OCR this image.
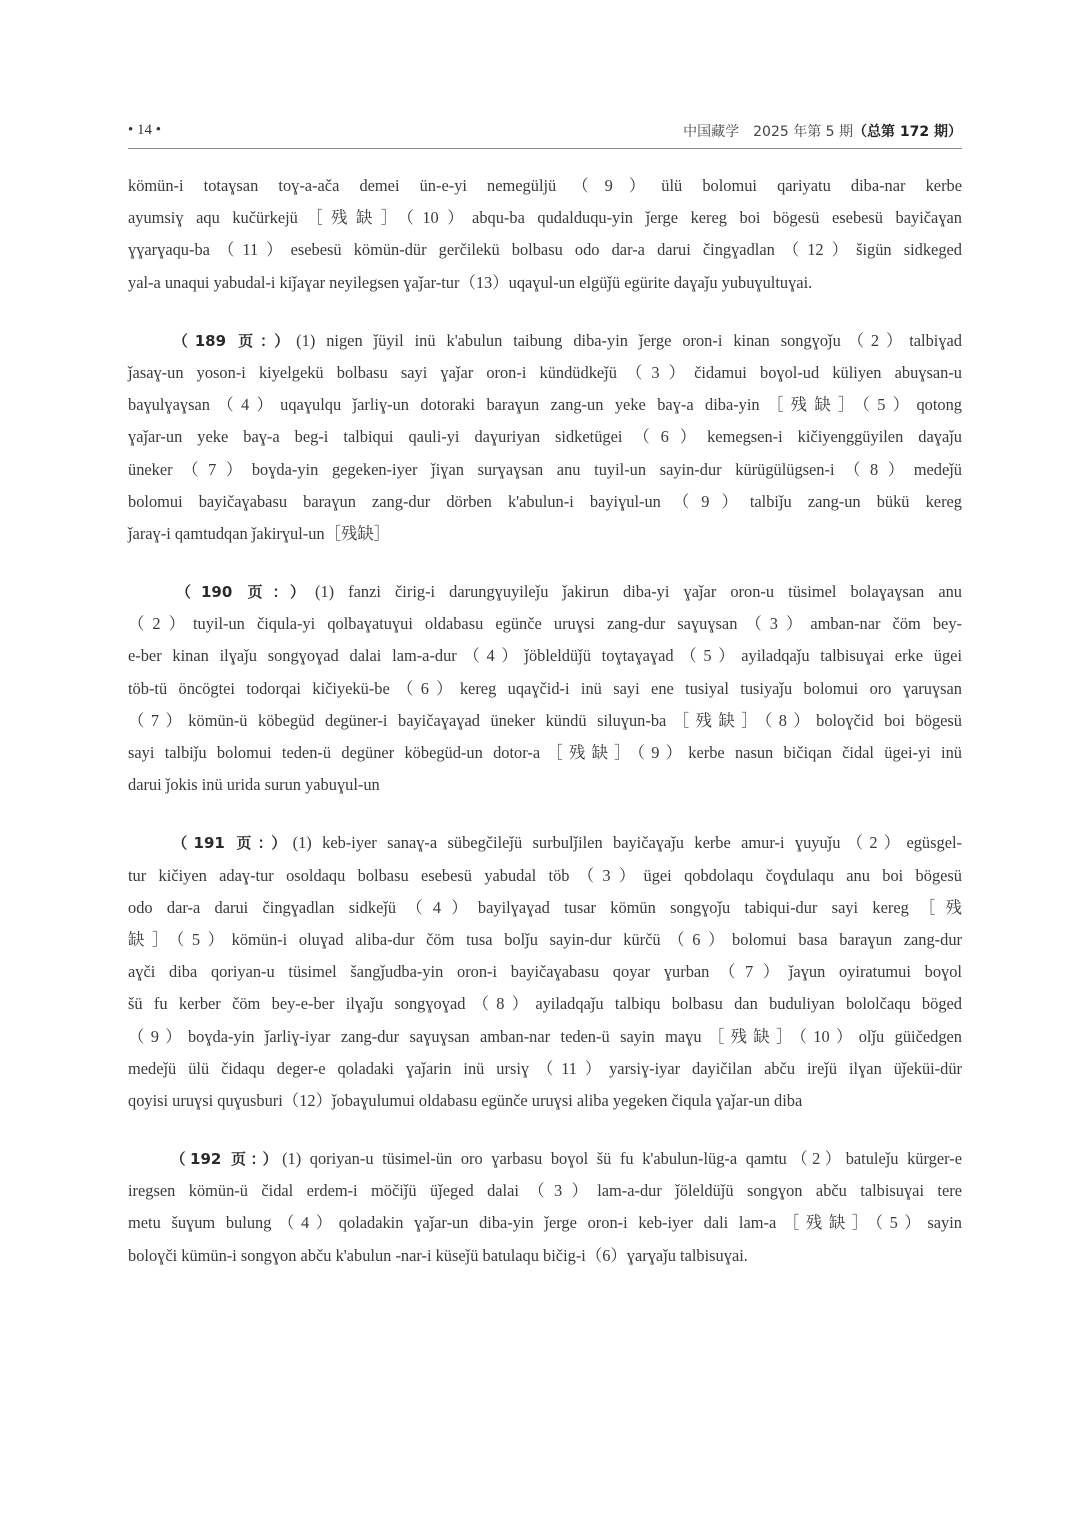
• 14 •	中国藏学　2025 年第 5 期（总第 172 期）
kömün-i totaɣsan toɣ-a-ača demei ün-e-yi nemegüljü（9）ülü bolomui qariyatu diba-nar kerbe
ayumsiɣ aqu kučürkejü［残缺］（10）abqu-ba qudalduqu-yin ǰerge kereg boi bögesü esebesü bayičaɣan
ɣɣarɣaqu-ba（11）esebesü kömün-dür gerčilekü bolbasu odo dar-a darui čingɣadlan（12）šigün sidkeged
yal-a unaqui yabudal-i kiǰaɣar neyilegsen ɣaǰar-tur（13）uqaɣul-un elgüǰü egürite daɣaǰu yubuɣultuɣai.
（189 页：）(1) nigen ǰüyil inü k'abulun taibung diba-yin ǰerge oron-i kinan songɣoǰu（2）talbiɣad
ǰasaɣ-un yoson-i kiyelgekü bolbasu sayi ɣaǰar oron-i kündüdkeǰü（3）čidamui boɣol-ud küliyen abuɣsan-u
baɣulɣaɣsan（4）uqaɣulqu ǰarliɣ-un dotoraki baraɣun zang-un yeke baɣ-a diba-yin［残缺］（5）qotong
ɣaǰar-un yeke baɣ-a beg-i talbiqui qauli-yi daɣuriyan sidketügei（6）kemegsen-i kičiyenggüyilen daɣaǰu
üneker（7）boɣda-yin gegeken-iyer ǰiɣan surɣaɣsan anu tuyil-un sayin-dur kürügülügsen-i（8）medeǰü
bolomui bayičaɣabasu baraɣun zang-dur dörben k'abulun-i bayiɣul-un（9）talbiǰu zang-un bükü kereg
ǰaraɣ-i qamtudqan ǰakirɣul-un［残缺］
（190 页：）(1) fanzi čirig-i darungɣuyileǰu ǰakirun diba-yi ɣaǰar oron-u tüsimel bolaɣaɣsan anu
（2）tuyil-un čiqula-yi qolbaɣatuɣui oldabasu egünče uruɣsi zang-dur saɣuɣsan（3）amban-nar čöm bey-
e-ber kinan ilɣaǰu songɣoɣad dalai lam-a-dur（4）ǰöbleldüǰü toɣtaɣaɣad（5）ayiladqaǰu talbisuɣai erke ügei
töb-tü öncögtei todorqai kičiyekü-be（6）kereg uqaɣčid-i inü sayi ene tusiyal tusiyaǰu bolomui oro ɣaruɣsan
（7）kömün-ü köbegüd degüner-i bayičaɣaɣad üneker kündü siluɣun-ba［残缺］（8）boloɣčid boi bögesü
sayi talbiǰu bolomui teden-ü degüner köbegüd-un dotor-a［残缺］（9）kerbe nasun bičiqan čidal ügei-yi inü
darui ǰokis inü urida surun yabuɣul-un
（191 页：）(1) keb-iyer sanaɣ-a sübegčileǰü surbulǰilen bayičaɣaǰu kerbe amur-i ɣuyuǰu（2）egüsgel-
tur kičiyen adaɣ-tur osoldaqu bolbasu esebesü yabudal töb（3）ügei qobdolaqu čoɣdulaqu anu boi bögesü
odo dar-a darui čingɣadlan sidkeǰü（4）bayilɣaɣad tusar kömün songɣoǰu tabiqui-dur sayi kereg［残
缺］（5）kömün-i oluɣad aliba-dur čöm tusa bolǰu sayin-dur kürčü（6）bolomui basa baraɣun zang-dur
aɣči diba qoriyan-u tüsimel šangǰudba-yin oron-i bayičaɣabasu qoyar ɣurban（7）ǰaɣun oyiratumui boɣol
šü fu kerber čöm bey-e-ber ilɣaǰu songɣoɣad（8）ayiladqaǰu talbiqu bolbasu dan buduliyan bololčaqu böged
（9）boɣda-yin ǰarliɣ-iyar zang-dur saɣuɣsan amban-nar teden-ü sayin maɣu［残缺］（10）olǰu güičedgen
medeǰü ülü čidaqu deger-e qoladaki ɣaǰarin inü ursiɣ（11）yarsiɣ-iyar dayičilan abču ireǰü ilɣan üǰeküi-dür
qoyisi uruɣsi quɣusburi（12）ǰobaɣulumui oldabasu egünče uruɣsi aliba yegeken čiqula ɣaǰar-un diba
（192 页：）(1) qoriyan-u tüsimel-ün oro ɣarbasu boɣol šü fu k'abulun-lüg-a qamtu（2）batuleǰu kürger-e
iregsen kömün-ü čidal erdem-i möčiǰü üǰeged dalai（3）lam-a-dur ǰöleldüǰü songɣon abču talbisuɣai tere
metu šuɣum bulung（4）qoladakin ɣaǰar-un diba-yin ǰerge oron-i keb-iyer dali lam-a［残缺］（5）sayin
boloɣči kümün-i songɣon abču k'abulun -nar-i küseǰü batulaqu bičig-i（6）ɣarɣaǰu talbisuɣai.
